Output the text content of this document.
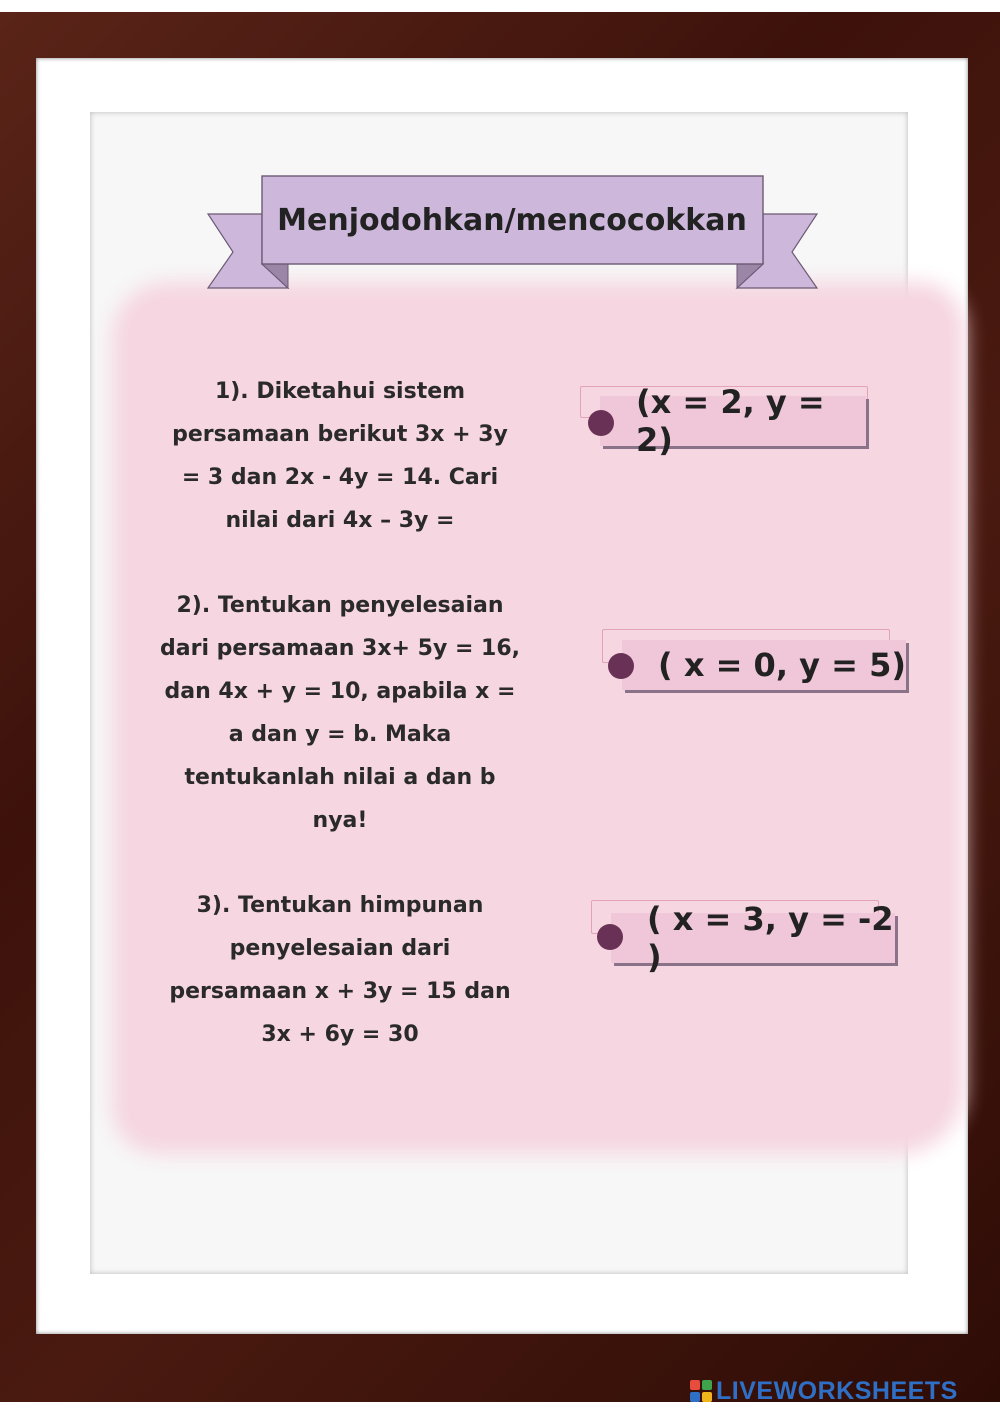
Menjodohkan/mencocokkan
1). Diketahui sistem persamaan berikut 3x + 3y = 3 dan 2x - 4y = 14. Cari nilai dari 4x – 3y =
2). Tentukan penyelesaian dari persamaan 3x+ 5y = 16, dan 4x + y = 10, apabila x = a dan y = b. Maka tentukanlah nilai a dan b nya!
3). Tentukan himpunan penyelesaian dari persamaan x + 3y = 15 dan 3x + 6y = 30
(x = 2, y = 2)
( x = 0, y = 5)
( x = 3, y = -2 )
LIVEWORKSHEETS
